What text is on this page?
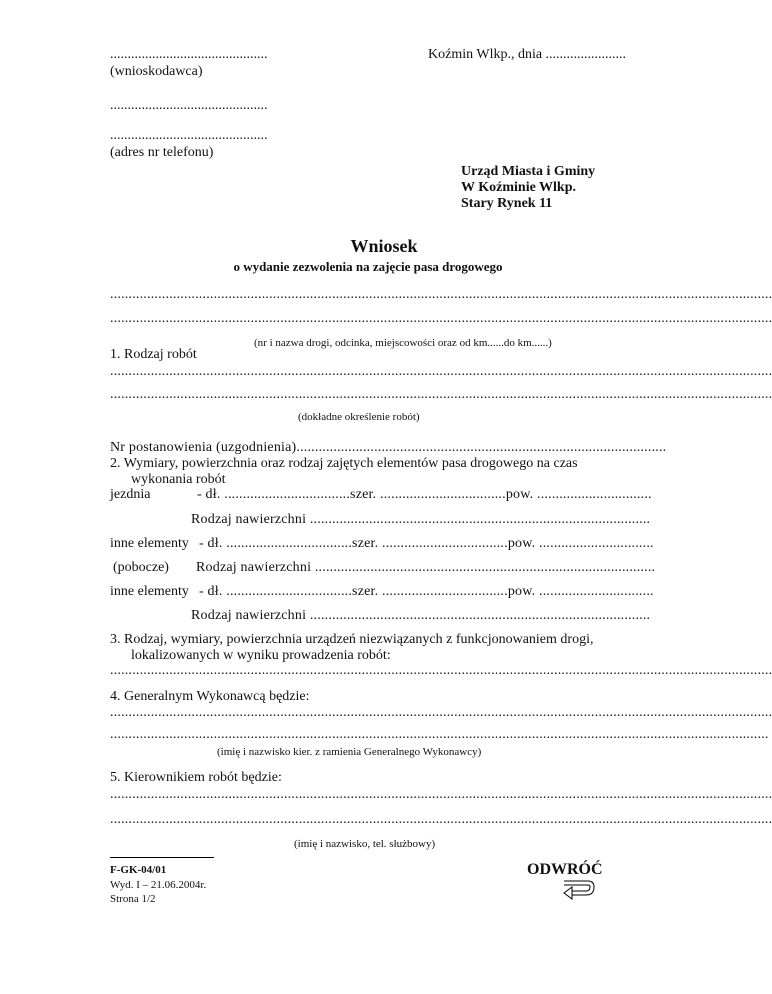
.............................................
(wnioskodawca)
Koźmin Wlkp., dnia .......................
.............................................
.............................................
(adres nr telefonu)
Urząd Miasta i Gminy
W Koźminie Wlkp.
Stary Rynek 11
Wniosek
o wydanie zezwolenia na zajęcie pasa drogowego
...................................................................................................................................................................................
...................................................................................................................................................................................
(nr i nazwa drogi, odcinka, miejscowości oraz od km......do km......)
1. Rodzaj robót
...................................................................................................................................................................................
...................................................................................................................................................................................
(dokładne określenie robót)
Nr postanowienia (uzgodnienia)....................................................................................................
2. Wymiary, powierzchnia oraz rodzaj zajętych elementów pasa drogowego na czas
wykonania robót
jezdnia	- dł. ..................................szer. ..................................pow. ...............................
Rodzaj nawierzchni ............................................................................................
inne elementy - dł. ..................................szer. ..................................pow. ...............................
(pobocze) Rodzaj nawierzchni ............................................................................................
inne elementy - dł. ..................................szer. ..................................pow. ...............................
Rodzaj nawierzchni ............................................................................................
3. Rodzaj, wymiary, powierzchnia urządzeń niezwiązanych z funkcjonowaniem drogi,
lokalizowanych w wyniku prowadzenia robót:
...................................................................................................................................................................................
4. Generalnym Wykonawcą będzie:
...................................................................................................................................................................................
..................................................................................................................................................................................
(imię i nazwisko kier. z ramienia Generalnego Wykonawcy)
5. Kierownikiem robót będzie:
...................................................................................................................................................................................
...................................................................................................................................................................................
(imię i nazwisko, tel. służbowy)
F-GK-04/01
Wyd. I – 21.06.2004r.
Strona 1/2
ODWRÓĆ
